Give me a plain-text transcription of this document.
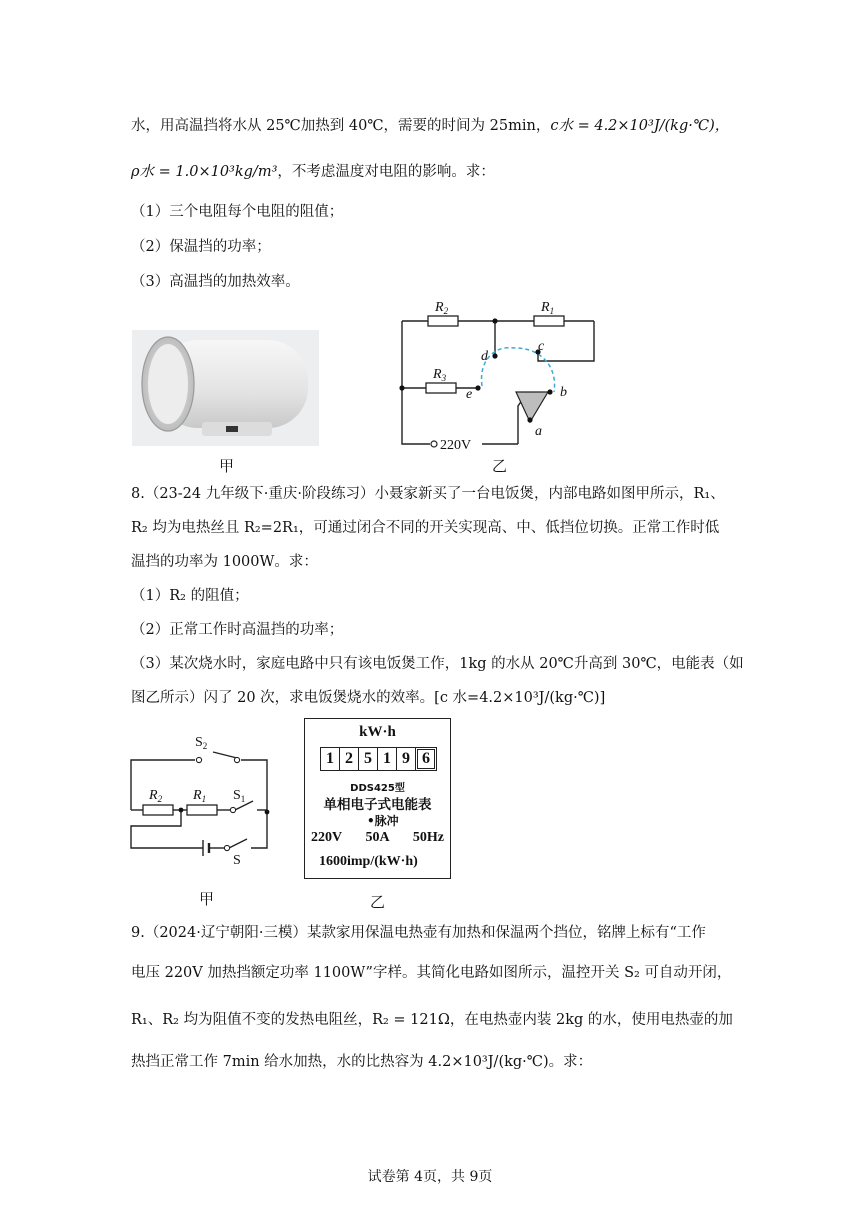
水，用高温挡将水从 25℃加热到 40℃，需要的时间为 25min，c水 = 4.2×10³J/(kg·℃)，
ρ水 = 1.0×10³kg/m³，不考虑温度对电阻的影响。求：
（1）三个电阻每个电阻的阻值；
（2）保温挡的功率；
（3）高温挡的加热效率。
$R_2$	$R_1$
$R_3$
220V
a
b
c
d
e
甲	乙
8.（23-24 九年级下·重庆·阶段练习）小聂家新买了一台电饭煲，内部电路如图甲所示，R₁、
R₂ 均为电热丝且 R₂=2R₁，可通过闭合不同的开关实现高、中、低挡位切换。正常工作时低
温挡的功率为 1000W。求：
（1）R₂ 的阻值；
（2）正常工作时高温挡的功率；
（3）某次烧水时，家庭电路中只有该电饭煲工作，1kg 的水从 20℃升高到 30℃，电能表（如
图乙所示）闪了 20 次，求电饭煲烧水的效率。[c 水=4.2×10³J/(kg·℃)]
$S_2$
$R_2$ $R_1$ $S_1$
S
kW·h
1 2 5 1 9 6
DDS425型
单相电子式电能表
•脉冲
220V 50A 50Hz
1600imp/(kW·h)
甲	乙
9.（2024·辽宁朝阳·三模）某款家用保温电热壶有加热和保温两个挡位，铭牌上标有“工作
电压 220V 加热挡额定功率 1100W”字样。其简化电路如图所示，温控开关 S₂ 可自动开闭，
R₁、R₂ 均为阻值不变的发热电阻丝，R₂ = 121Ω，在电热壶内装 2kg 的水，使用电热壶的加
热挡正常工作 7min 给水加热，水的比热容为 4.2×10³J/(kg·℃)。求：
试卷第 4页，共 9页
